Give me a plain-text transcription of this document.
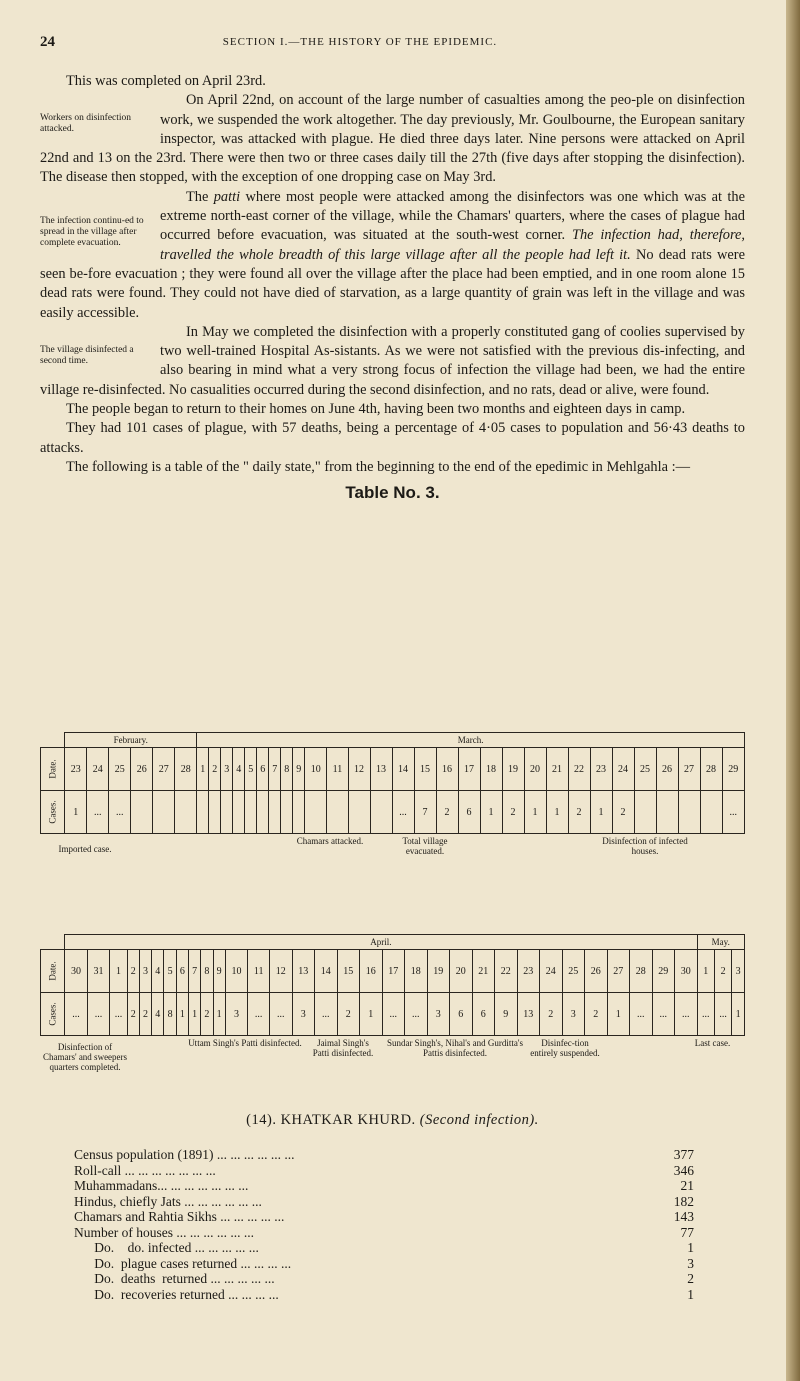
24	SECTION I.—THE HISTORY OF THE EPIDEMIC.

This was completed on April 23rd.

Workers on disinfection attacked.

On April 22nd, on account of the large number of casualties among the peo-ple on disinfection work, we suspended the work altogether. The day previously, Mr. Goulbourne, the European sanitary inspector, was attacked with plague. He died three days later. Nine persons were attacked on April 22nd and 13 on the 23rd. There were then two or three cases daily till the 27th (five days after stopping the disinfection). The disease then stopped, with the exception of one dropping case on May 3rd.

The infection continu-ed to spread in the village after complete evacuation.

The patti where most people were attacked among the disinfectors was one which was at the extreme north-east corner of the village, while the Chamars' quarters, where the cases of plague had occurred before evacuation, was situated at the south-west corner. The infection had, therefore, travelled the whole breadth of this large village after all the people had left it. No dead rats were seen be-fore evacuation ; they were found all over the village after the place had been emptied, and in one room alone 15 dead rats were found. They could not have died of starvation, as a large quantity of grain was left in the village and was easily accessible.

The village disinfected a second time.

In May we completed the disinfection with a properly constituted gang of coolies supervised by two well-trained Hospital As-sistants. As we were not satisfied with the previous dis-infecting, and also bearing in mind what a very strong focus of infection the village had been, we had the entire village re-disinfected. No casualities occurred during the second disinfection, and no rats, dead or alive, were found.

The people began to return to their homes on June 4th, having been two months and eighteen days in camp.

They had 101 cases of plague, with 57 deaths, being a percentage of 4·05 cases to population and 56·43 deaths to attacks.

The following is a table of the " daily state," from the beginning to the end of the epedimic in Mehlgahla :—

Table No. 3.
	February.						March.																												
Date.	23	24	25	26	27	28	1	2	3	4	5	6	7	8	9	10	11	12	13	14	15	16	17	18	19	20	21	22	23	24	25	26	27	28	29
Cases.	1	...	...																	...	7	2	6	1	2	1	1	2	1	2					...
Imported case.
Chamars attacked.	Total village evacuated.
Disinfection of infected houses.
	April.																																May.		
Date.	30	31	1	2	3	4	5	6	7	8	9	10	11	12	13	14	15	16	17	18	19	20	21	22	23	24	25	26	27	28	29	30	1	2	3
Cases.	...	...	...	2	2	4	8	1	1	2	1	3	...	...	3	...	2	1	...	...	3	6	6	9	13	2	3	2	1	...	...	...	...	...	1
Disinfection of Chamars' and sweepers quarters completed.
Uttam Singh's Patti disinfected.	Jaimal Singh's Patti disinfected.
Sundar Singh's, Nihal's and Gurditta's Pattis disinfected.
Disinfec-tion entirely suspended.
Last case.
(14). KHATKAR KHURD. (Second infection).
Census population (1891) ... ... ... ... ... ...	377
Roll-call ... ... ... ... ... ... ...	346
Muhammadans... ... ... ... ... ... ...	21
Hindus, chiefly Jats ... ... ... ... ... ...	182
Chamars and Rahtia Sikhs ... ... ... ... ...	143
Number of houses ... ... ... ... ... ...	77
Do.    do. infected ... ... ... ... ...	1
Do.  plague cases returned ... ... ... ...	3
Do.  deaths  returned ... ... ... ... ...	2
Do.  recoveries returned ... ... ... ...	1
